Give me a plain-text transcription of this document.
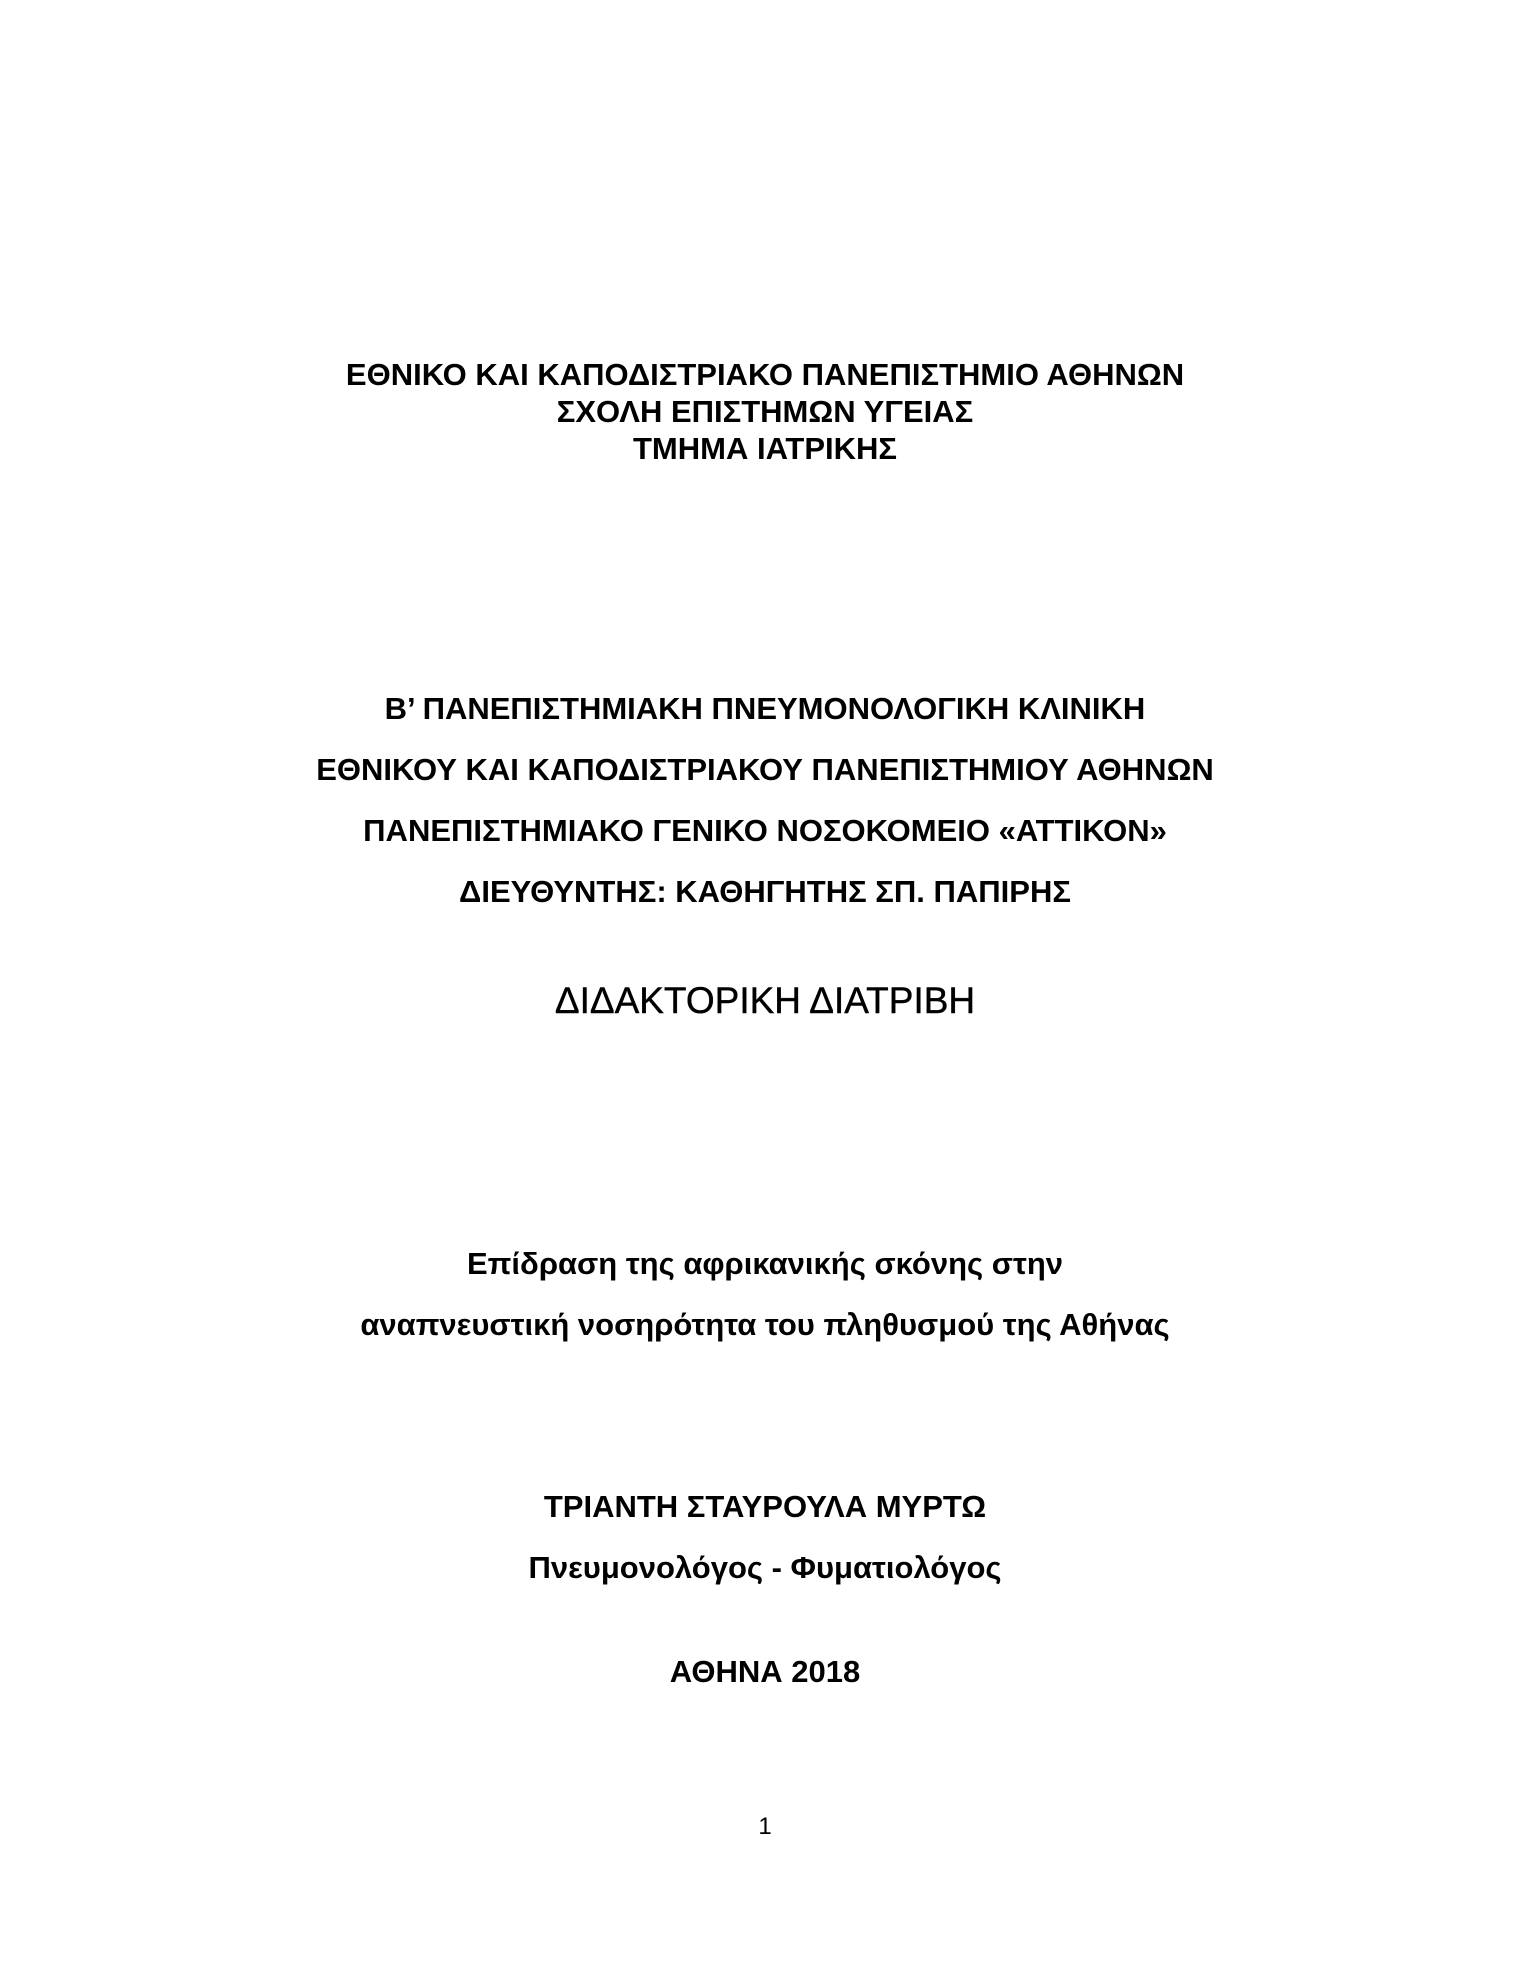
ΕΘΝΙΚΟ ΚΑΙ ΚΑΠΟΔΙΣΤΡΙΑΚΟ ΠΑΝΕΠΙΣΤΗΜΙΟ ΑΘΗΝΩΝ
ΣΧΟΛΗ ΕΠΙΣΤΗΜΩΝ ΥΓΕΙΑΣ
ΤΜΗΜΑ ΙΑΤΡΙΚΗΣ
Β’ ΠΑΝΕΠΙΣΤΗΜΙΑΚΗ ΠΝΕΥΜΟΝΟΛΟΓΙΚΗ ΚΛΙΝΙΚΗ
ΕΘΝΙΚΟΥ ΚΑΙ ΚΑΠΟΔΙΣΤΡΙΑΚΟΥ ΠΑΝΕΠΙΣΤΗΜΙΟΥ ΑΘΗΝΩΝ
ΠΑΝΕΠΙΣΤΗΜΙΑΚΟ ΓΕΝΙΚΟ ΝΟΣΟΚΟΜΕΙΟ «ΑΤΤΙΚΟΝ»
ΔΙΕΥΘΥΝΤΗΣ: ΚΑΘΗΓΗΤΗΣ ΣΠ. ΠΑΠΙΡΗΣ
ΔΙΔΑΚΤΟΡΙΚΗ ΔΙΑΤΡΙΒΗ
Επίδραση της αφρικανικής σκόνης στην
αναπνευστική νοσηρότητα του πληθυσμού της Αθήνας
ΤΡΙΑΝΤΗ ΣΤΑΥΡΟΥΛΑ ΜΥΡΤΩ
Πνευμονολόγος - Φυματιολόγος
ΑΘΗΝΑ 2018
1
